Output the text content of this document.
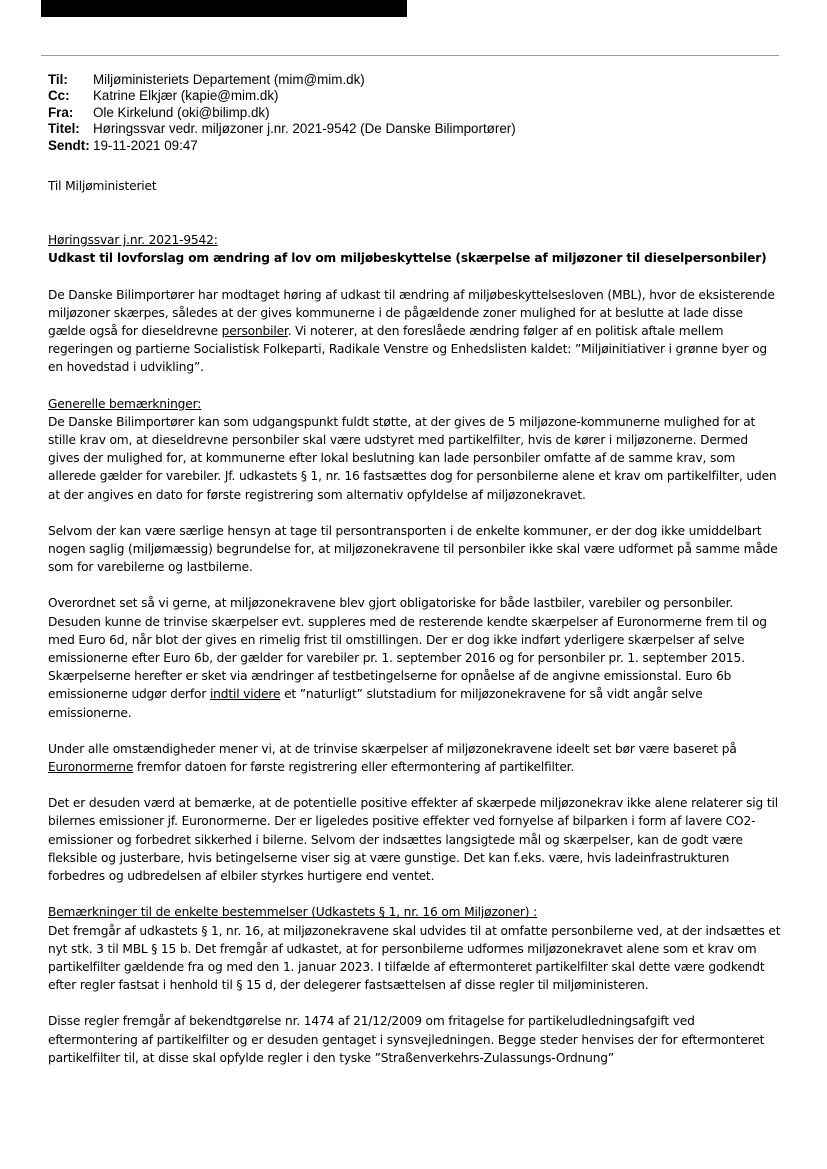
Til:	Miljøministeriets Departement (mim@mim.dk)
Cc:	Katrine Elkjær (kapie@mim.dk)
Fra:	Ole Kirkelund (oki@bilimp.dk)
Titel: Høringssvar vedr. miljøzoner j.nr. 2021-9542 (De Danske Bilimportører)
Sendt: 19-11-2021 09:47

Til Miljøministeriet

Høringssvar j.nr. 2021-9542:

Udkast til lovforslag om ændring af lov om miljøbeskyttelse (skærpelse af miljøzoner til dieselpersonbiler)

De Danske Bilimportører har modtaget høring af udkast til ændring af miljøbeskyttelsesloven (MBL), hvor de eksisterende miljøzoner skærpes, således at der gives kommunerne i de pågældende zoner mulighed for at beslutte at lade disse gælde også for dieseldrevne personbiler. Vi noterer, at den foreslåede ændring følger af en politisk aftale mellem regeringen og partierne Socialistisk Folkeparti, Radikale Venstre og Enhedslisten kaldet: ”Miljøinitiativer i grønne byer og en hovedstad i udvikling”.

Generelle bemærkninger:

De Danske Bilimportører kan som udgangspunkt fuldt støtte, at der gives de 5 miljøzone-kommunerne mulighed for at stille krav om, at dieseldrevne personbiler skal være udstyret med partikelfilter, hvis de kører i miljøzonerne. Dermed gives der mulighed for, at kommunerne efter lokal beslutning kan lade personbiler omfatte af de samme krav, som allerede gælder for varebiler. Jf. udkastets § 1, nr. 16 fastsættes dog for personbilerne alene et krav om partikelfilter, uden at der angives en dato for første registrering som alternativ opfyldelse af miljøzonekravet.

Selvom der kan være særlige hensyn at tage til persontransporten i de enkelte kommuner, er der dog ikke umiddelbart nogen saglig (miljømæssig) begrundelse for, at miljøzonekravene til personbiler ikke skal være udformet på samme måde som for varebilerne og lastbilerne.

Overordnet set så vi gerne, at miljøzonekravene blev gjort obligatoriske for både lastbiler, varebiler og personbiler. Desuden kunne de trinvise skærpelser evt. suppleres med de resterende kendte skærpelser af Euronormerne frem til og med Euro 6d, når blot der gives en rimelig frist til omstillingen. Der er dog ikke indført yderligere skærpelser af selve emissionerne efter Euro 6b, der gælder for varebiler pr. 1. september 2016 og for personbiler pr. 1. september 2015. Skærpelserne herefter er sket via ændringer af testbetingelserne for opnåelse af de angivne emissionstal. Euro 6b emissionerne udgør derfor indtil videre et ”naturligt” slutstadium for miljøzonekravene for så vidt angår selve emissionerne.

Under alle omstændigheder mener vi, at de trinvise skærpelser af miljøzonekravene ideelt set bør være baseret på Euronormerne fremfor datoen for første registrering eller eftermontering af partikelfilter.

Det er desuden værd at bemærke, at de potentielle positive effekter af skærpede miljøzonekrav ikke alene relaterer sig til bilernes emissioner jf. Euronormerne. Der er ligeledes positive effekter ved fornyelse af bilparken i form af lavere CO2-emissioner og forbedret sikkerhed i bilerne. Selvom der indsættes langsigtede mål og skærpelser, kan de godt være fleksible og justerbare, hvis betingelserne viser sig at være gunstige. Det kan f.eks. være, hvis ladeinfrastrukturen forbedres og udbredelsen af elbiler styrkes hurtigere end ventet.

Bemærkninger til de enkelte bestemmelser (Udkastets § 1, nr. 16 om Miljøzoner) :

Det fremgår af udkastets § 1, nr. 16, at miljøzonekravene skal udvides til at omfatte personbilerne ved, at der indsættes et nyt stk. 3 til MBL § 15 b. Det fremgår af udkastet, at for personbilerne udformes miljøzonekravet alene som et krav om partikelfilter gældende fra og med den 1. januar 2023. I tilfælde af eftermonteret partikelfilter skal dette være godkendt efter regler fastsat i henhold til § 15 d, der delegerer fastsættelsen af disse regler til miljøministeren.

Disse regler fremgår af bekendtgørelse nr. 1474 af 21/12/2009 om fritagelse for partikeludledningsafgift ved eftermontering af partikelfilter og er desuden gentaget i synsvejledningen. Begge steder henvises der for eftermonteret partikelfilter til, at disse skal opfylde regler i den tyske ”Straßenverkehrs-Zulassungs-Ordnung”
